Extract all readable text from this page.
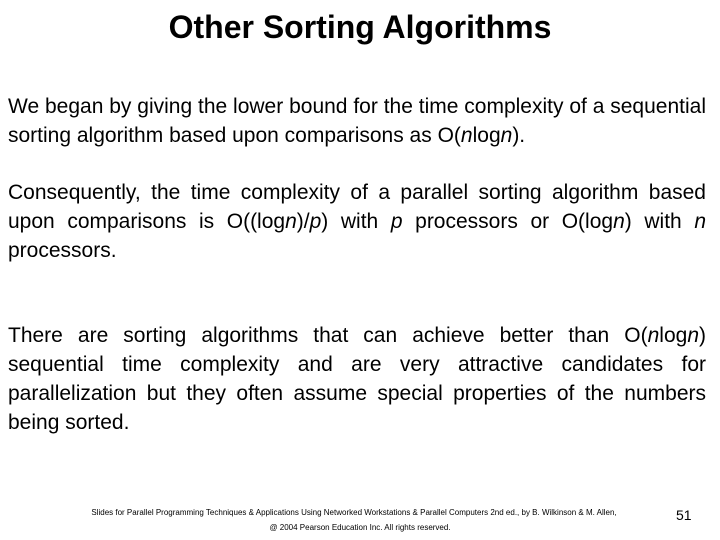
Other Sorting Algorithms

We began by giving the lower bound for the time complexity of a sequential sorting algorithm based upon comparisons as O(nlogn).

Consequently, the time complexity of a parallel sorting algorithm based upon comparisons is O((logn)/p) with p processors or O(logn) with n processors.

There are sorting algorithms that can achieve better than O(nlogn) sequential time complexity and are very attractive candidates for parallelization but they often assume special properties of the numbers being sorted.

Slides for Parallel Programming Techniques & Applications Using Networked Workstations & Parallel Computers 2nd ed., by B. Wilkinson & M. Allen,
@ 2004 Pearson Education Inc. All rights reserved.
51
